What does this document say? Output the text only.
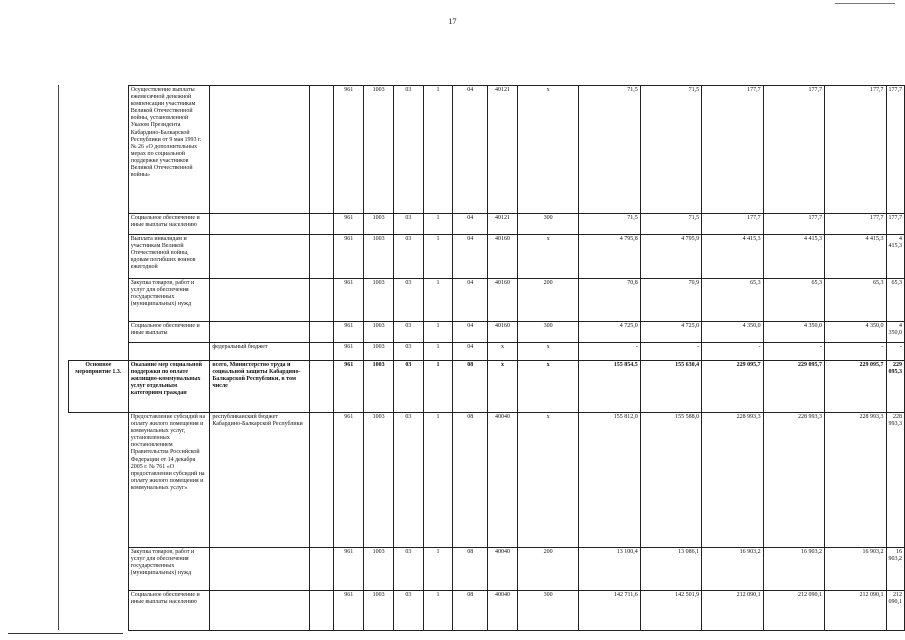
17
	Осуществление выплаты ежемесячной денежной компенсации участникам Великой Отечественной войны, установленной Указом Президента Кабардино-Балкарской Республики от 9 мая 1993 г. № 26 «О дополнительных мерах по социальной поддержке участников Великой Отечественной войны»			961	1003	03	1	04	40121	х	71,5	71,5	177,7	177,7	177,7	177,7
	Социальное обеспечение и иные выплаты населению			961	1003	03	1	04	40121	300	71,5	71,5	177,7	177,7	177,7	177,7
	Выплата инвалидам и участникам Великой Отечественной войны, вдовам погибших воинов ежегодной			961	1003	03	1	04	40160	х	4 795,8	4 795,9	4 415,3	4 415,3	4 415,3	4 415,3
	Закупка товаров, работ и услуг для обеспечения государственных (муниципальных) нужд			961	1003	03	1	04	40160	200	70,8	70,9	65,3	65,3	65,3	65,3
	Социальное обеспечение и иные выплаты			961	1003	03	1	04	40160	300	4 725,0	4 725,0	4 350,0	4 350,0	4 350,0	4 350,0
		федеральный бюджет		961	1003	03	1	04	х	х	-	-	-	-	-	-
Основное мероприятие 1.3.	Оказание мер социальной поддержки по оплате жилищно-коммунальных услуг отдельным категориям граждан	всего, Министерство труда и социальной защиты Кабардино-Балкарской Республики, в том числе		961	1003	03	1	08	х	х	155 854,5	155 630,4	229 095,7	229 095,7	229 095,7	229 095,3
	Предоставление субсидий на оплату жилого помещения и коммунальных услуг, установленных постановлением Правительства Российской Федерации от 14 декабря 2005 г. № 761 «О предоставлении субсидий на оплату жилого помещения и коммунальных услуг»	республиканский бюджет Кабардино-Балкарской Республики		961	1003	03	1	08	40040	х	155 812,0	155 588,0	228 993,3	228 993,3	228 993,3	228 993,3
	Закупка товаров, работ и услуг для обеспечения государственных (муниципальных) нужд			961	1003	03	1	08	40040	200	13 100,4	13 086,1	16 903,2	16 903,2	16 903,2	16 903,2
	Социальное обеспечение и иные выплаты населению			961	1003	03	1	08	40040	300	142 711,6	142 501,9	212 090,1	212 090,1	212 090,1	212 090,1
